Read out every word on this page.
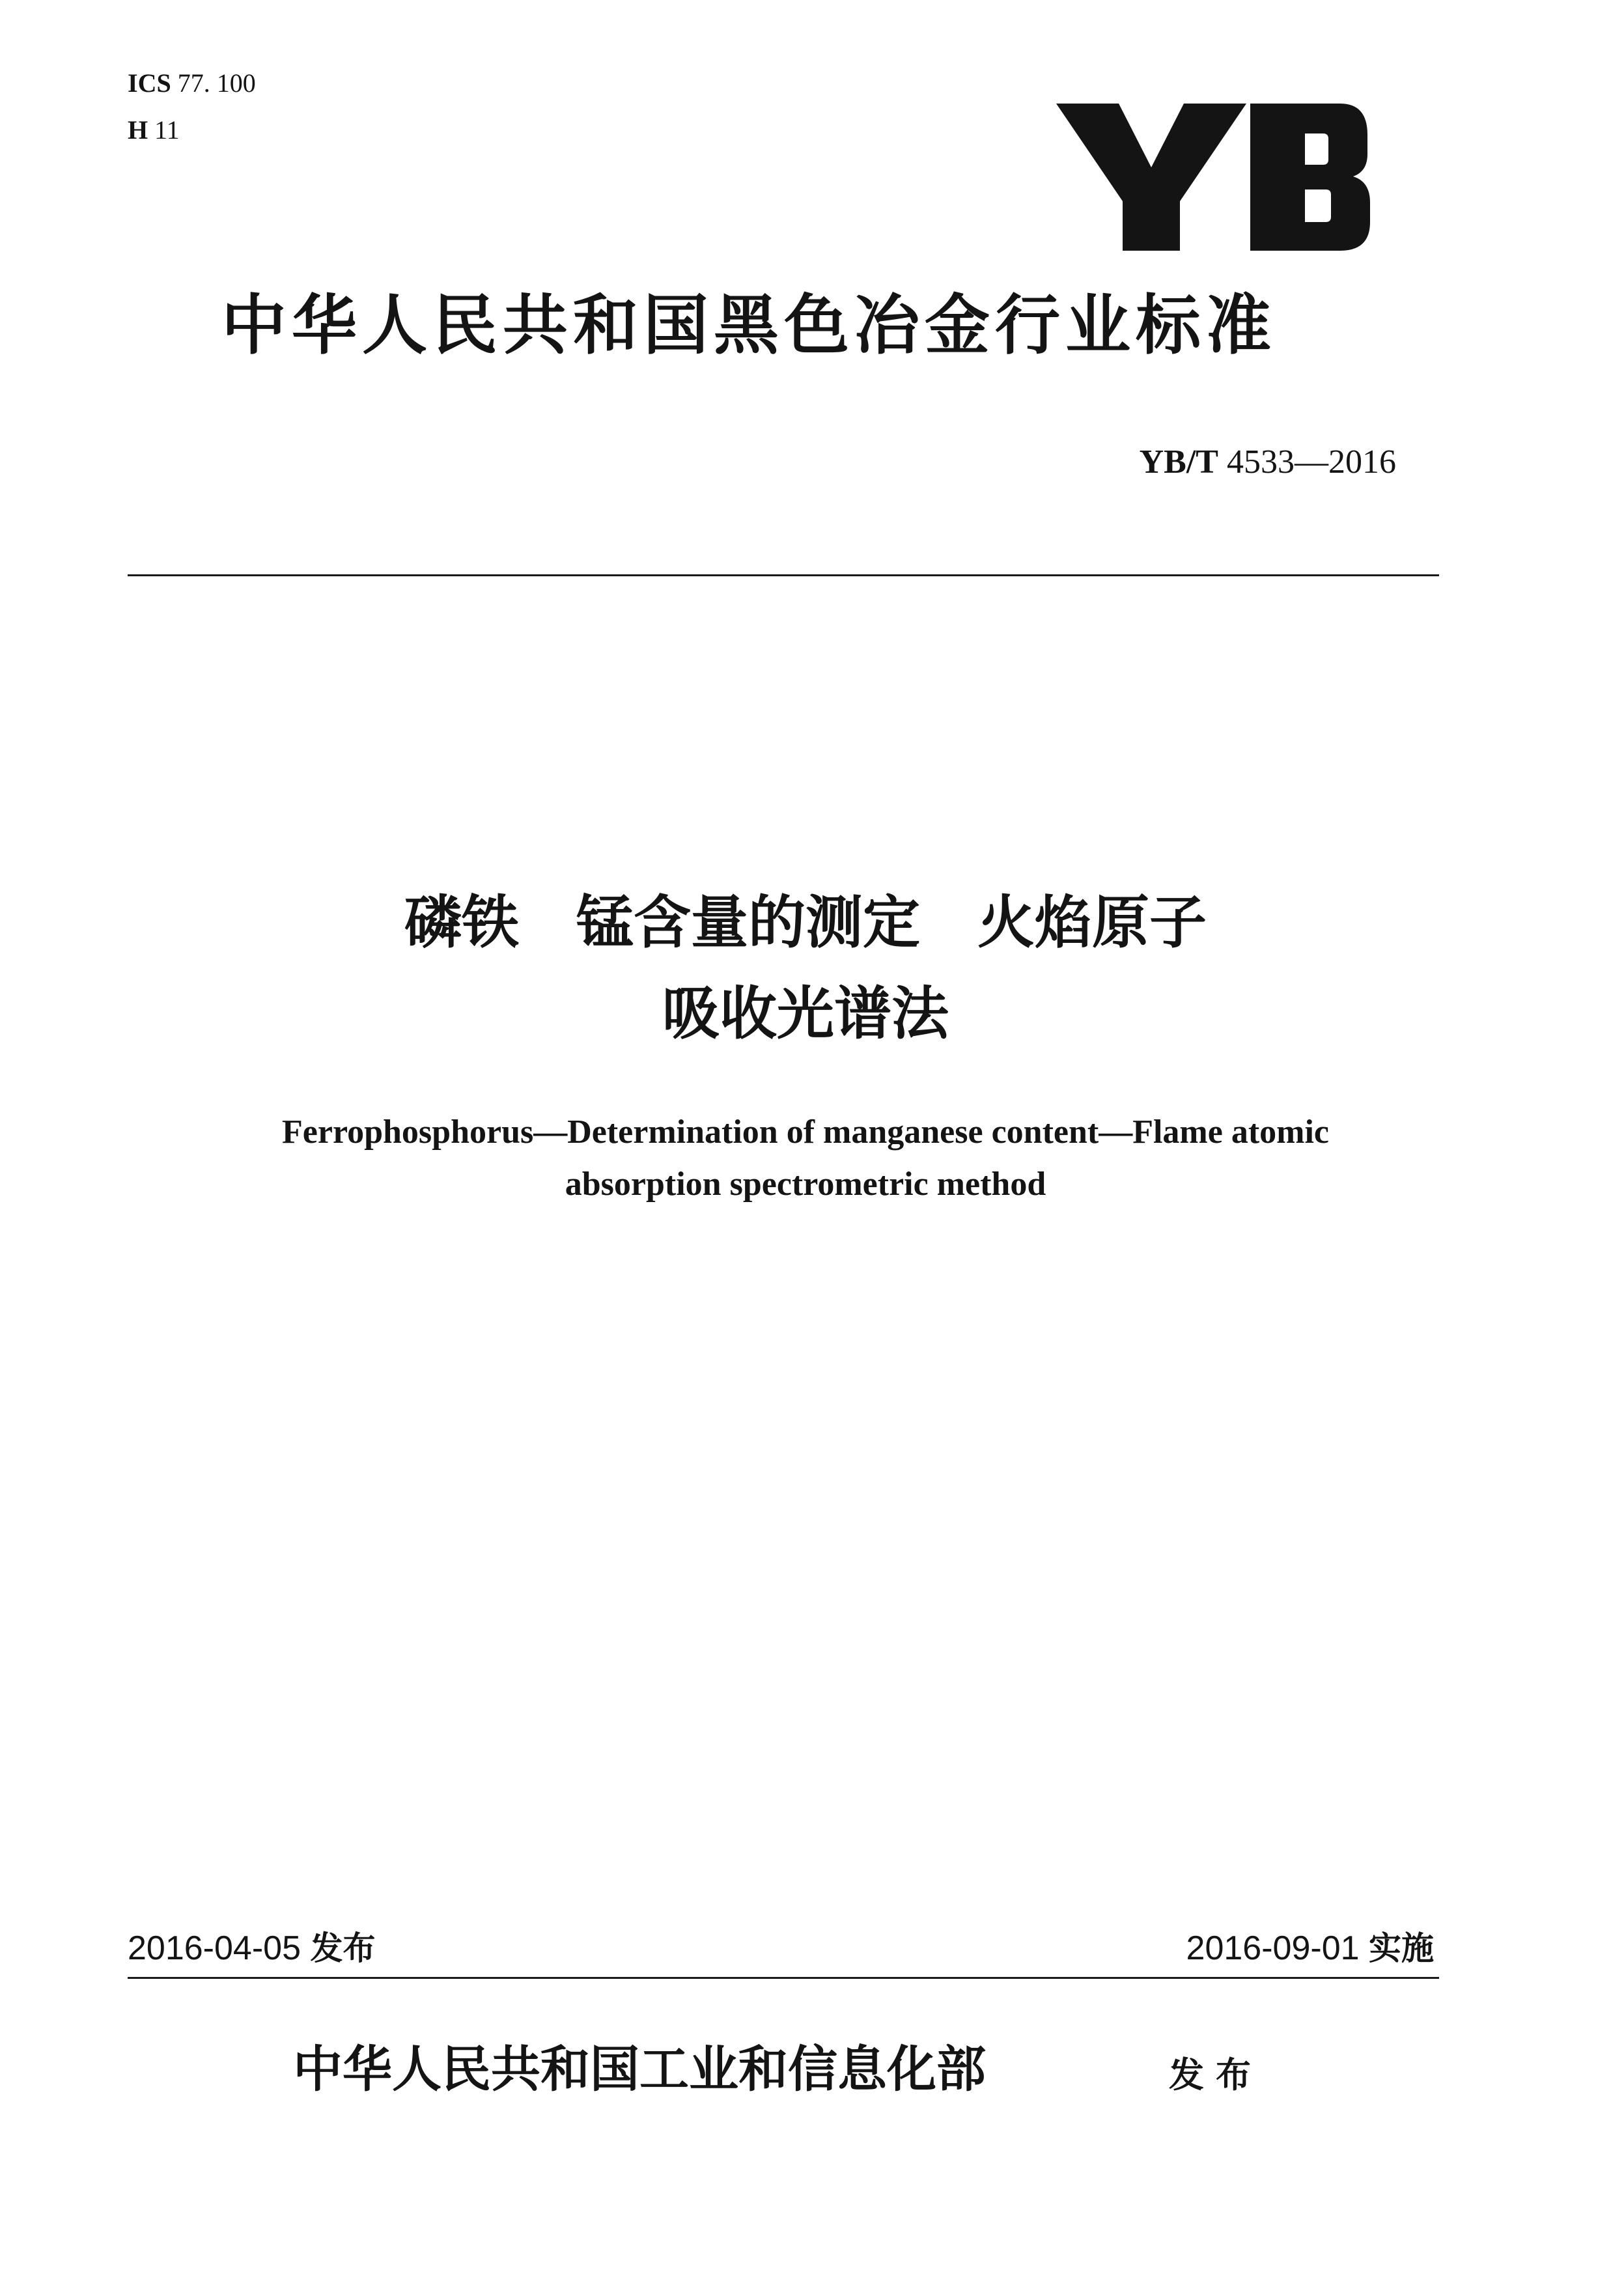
ICS 77. 100
H 11
中华人民共和国黑色冶金行业标准
YB/T 4533—2016
磷铁　锰含量的测定　火焰原子
吸收光谱法
Ferrophosphorus—Determination of manganese content—Flame atomic
absorption spectrometric method
2016-04-05 发布	2016-09-01 实施
中华人民共和国工业和信息化部	发布
